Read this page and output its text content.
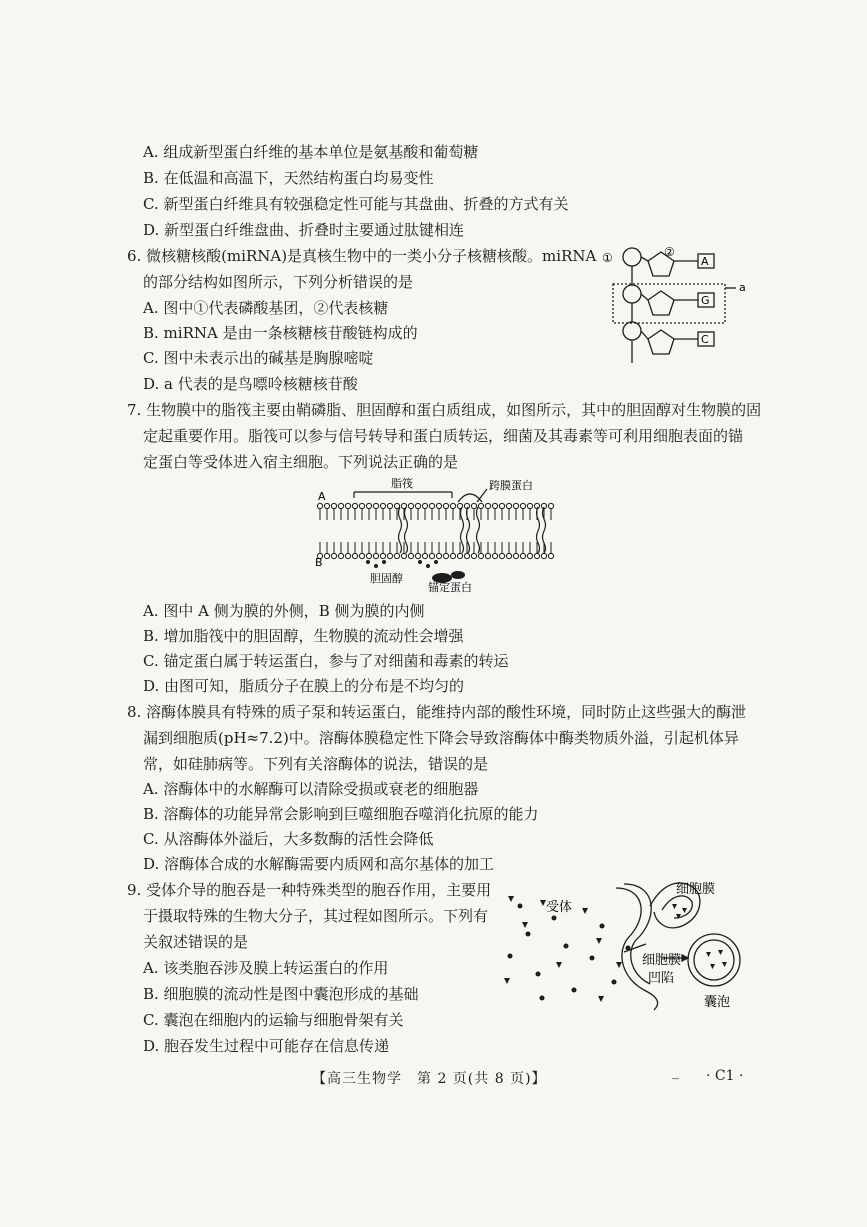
A. 组成新型蛋白纤维的基本单位是氨基酸和葡萄糖
B. 在低温和高温下，天然结构蛋白均易变性
C. 新型蛋白纤维具有较强稳定性可能与其盘曲、折叠的方式有关
D. 新型蛋白纤维盘曲、折叠时主要通过肽键相连
6. 微核糖核酸(miRNA)是真核生物中的一类小分子核糖核酸。miRNA
的部分结构如图所示，下列分析错误的是
A. 图中①代表磷酸基团，②代表核糖
B. miRNA 是由一条核糖核苷酸链构成的
C. 图中未表示出的碱基是胸腺嘧啶
D. a 代表的是鸟嘌呤核糖核苷酸
①	②
A
G
C
a
7. 生物膜中的脂筏主要由鞘磷脂、胆固醇和蛋白质组成，如图所示，其中的胆固醇对生物膜的固
定起重要作用。脂筏可以参与信号转导和蛋白质转运，细菌及其毒素等可利用细胞表面的锚
定蛋白等受体进入宿主细胞。下列说法正确的是
A
B
脂筏	跨膜蛋白
胆固醇
锚定蛋白
A. 图中 A 侧为膜的外侧，B 侧为膜的内侧
B. 增加脂筏中的胆固醇，生物膜的流动性会增强
C. 锚定蛋白属于转运蛋白，参与了对细菌和毒素的转运
D. 由图可知，脂质分子在膜上的分布是不均匀的
8. 溶酶体膜具有特殊的质子泵和转运蛋白，能维持内部的酸性环境，同时防止这些强大的酶泄
漏到细胞质(pH≈7.2)中。溶酶体膜稳定性下降会导致溶酶体中酶类物质外溢，引起机体异
常，如硅肺病等。下列有关溶酶体的说法，错误的是
A. 溶酶体中的水解酶可以清除受损或衰老的细胞器
B. 溶酶体的功能异常会影响到巨噬细胞吞噬消化抗原的能力
C. 从溶酶体外溢后，大多数酶的活性会降低
D. 溶酶体合成的水解酶需要内质网和高尔基体的加工
9. 受体介导的胞吞是一种特殊类型的胞吞作用，主要用
于摄取特殊的生物大分子，其过程如图所示。下列有
关叙述错误的是
A. 该类胞吞涉及膜上转运蛋白的作用
B. 细胞膜的流动性是图中囊泡形成的基础
C. 囊泡在细胞内的运输与细胞骨架有关
D. 胞吞发生过程中可能存在信息传递
受体
细胞膜
细胞膜
凹陷
囊泡
【高三生物学　第 2 页(共 8 页)】	_ · C1 ·
